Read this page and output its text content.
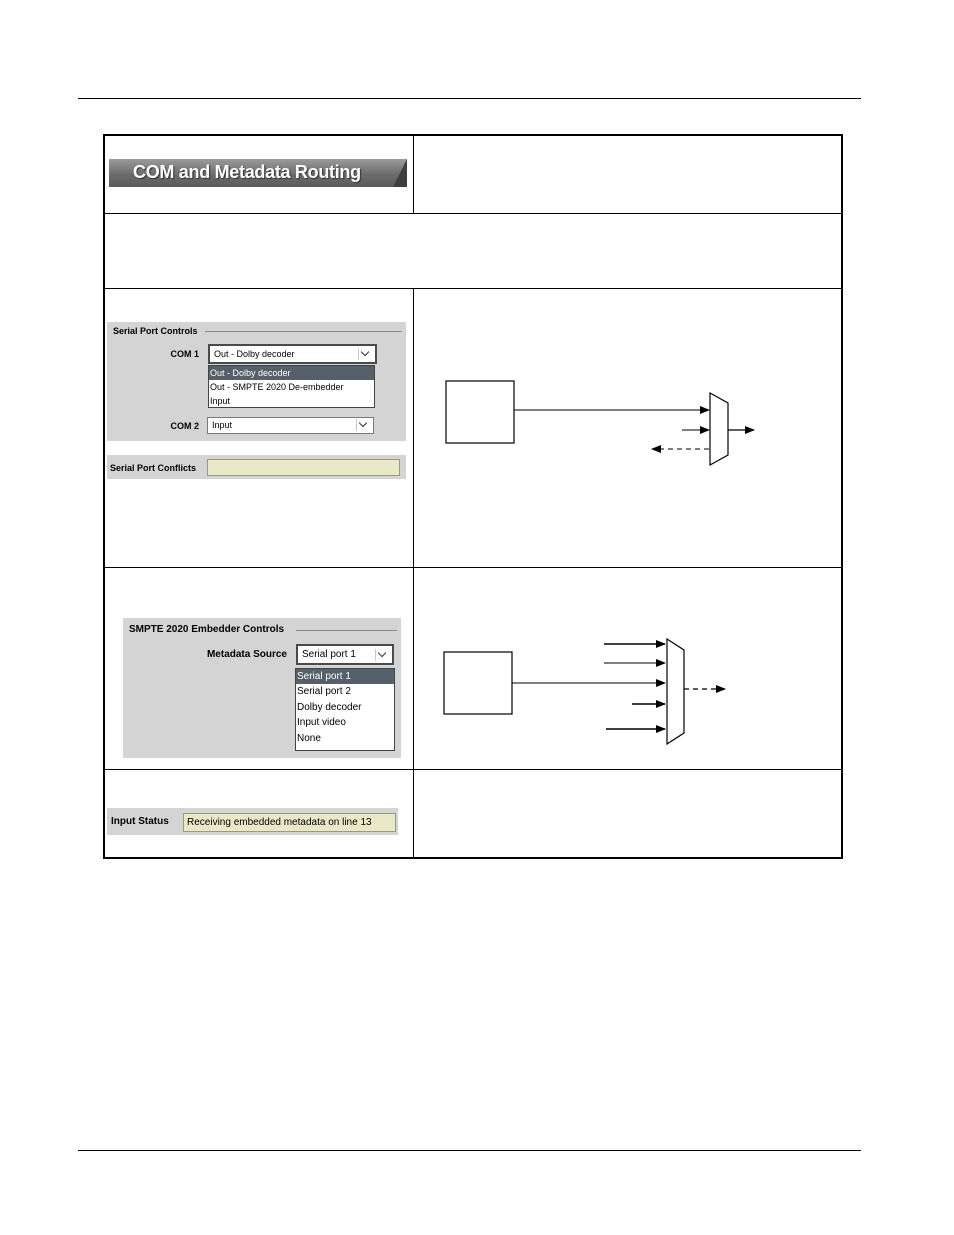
COM and Metadata Routing
Serial Port Controls
COM 1	Out - Dolby decoder
Out - Dolby decoder
Out - SMPTE 2020 De-embedder
Input
COM 2	Input
Serial Port Conflicts
SMPTE 2020 Embedder Controls
Metadata Source	Serial port 1
Serial port 1
Serial port 2
Dolby decoder
Input video
None
Input Status	Receiving embedded metadata on line 13
